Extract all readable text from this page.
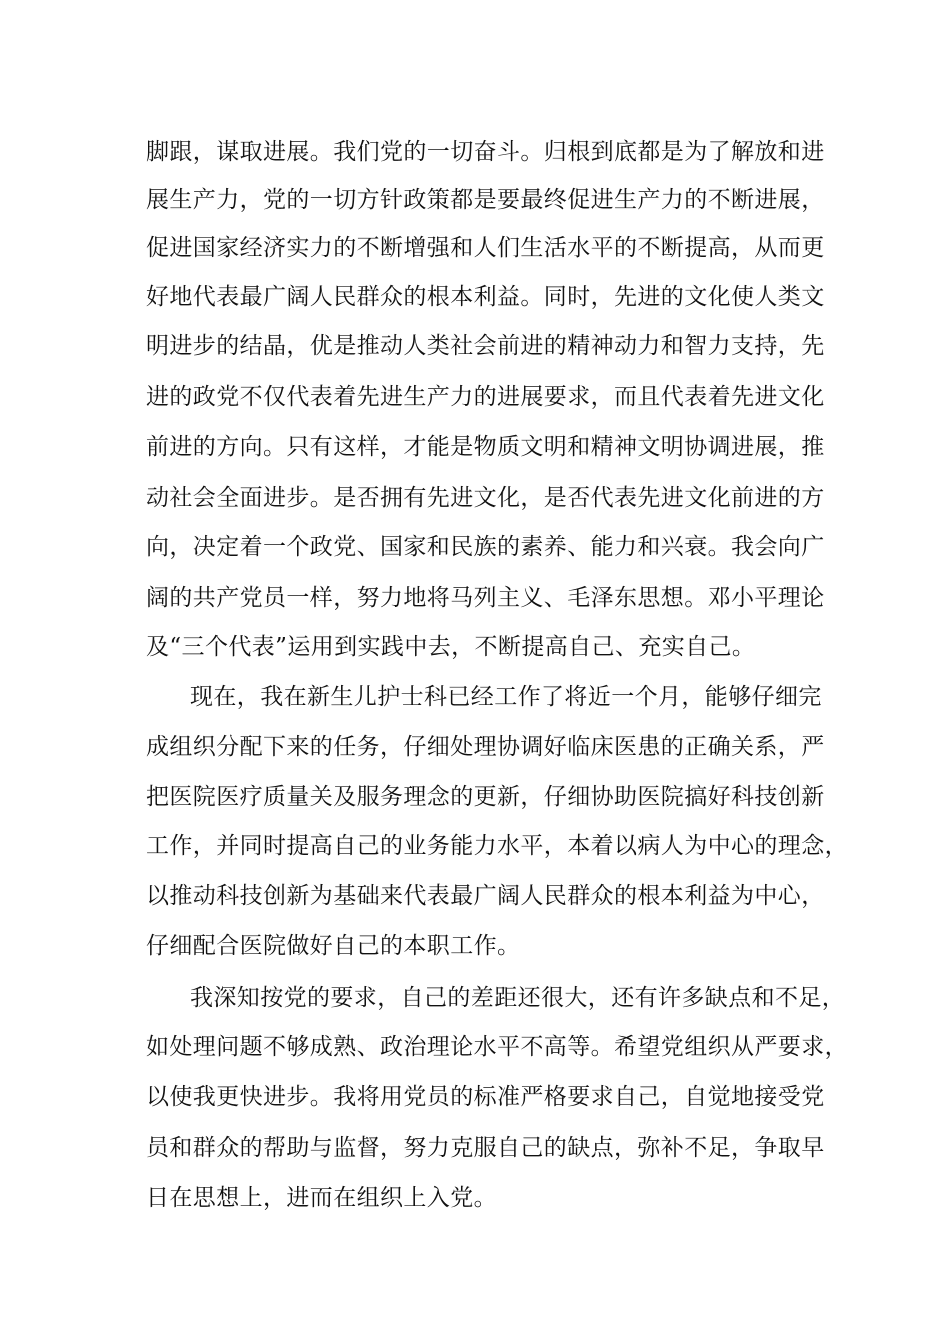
脚跟，谋取进展。我们党的一切奋斗。归根到底都是为了解放和进
展生产力，党的一切方针政策都是要最终促进生产力的不断进展，
促进国家经济实力的不断增强和人们生活水平的不断提高，从而更
好地代表最广阔人民群众的根本利益。同时，先进的文化使人类文
明进步的结晶，优是推动人类社会前进的精神动力和智力支持，先
进的政党不仅代表着先进生产力的进展要求，而且代表着先进文化
前进的方向。只有这样，才能是物质文明和精神文明协调进展，推
动社会全面进步。是否拥有先进文化，是否代表先进文化前进的方
向，决定着一个政党、国家和民族的素养、能力和兴衰。我会向广
阔的共产党员一样，努力地将马列主义、毛泽东思想。邓小平理论
及“三个代表”运用到实践中去，不断提高自己、充实自己。
现在，我在新生儿护士科已经工作了将近一个月，能够仔细完
成组织分配下来的任务，仔细处理协调好临床医患的正确关系，严
把医院医疗质量关及服务理念的更新，仔细协助医院搞好科技创新
工作，并同时提高自己的业务能力水平，本着以病人为中心的理念，
以推动科技创新为基础来代表最广阔人民群众的根本利益为中心，
仔细配合医院做好自己的本职工作。
我深知按党的要求，自己的差距还很大，还有许多缺点和不足，
如处理问题不够成熟、政治理论水平不高等。希望党组织从严要求，
以使我更快进步。我将用党员的标准严格要求自己，自觉地接受党
员和群众的帮助与监督，努力克服自己的缺点，弥补不足，争取早
日在思想上，进而在组织上入党。
